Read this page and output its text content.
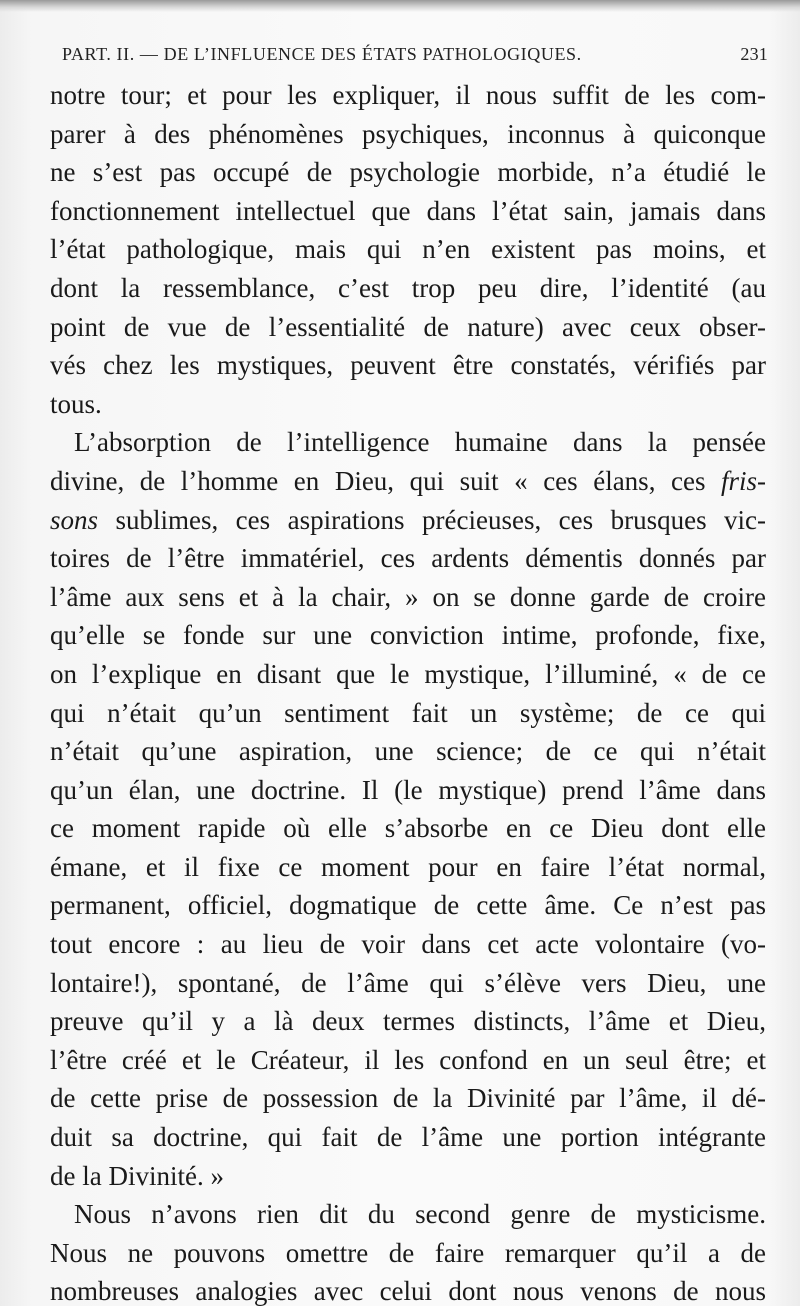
PART. II. — DE L’INFLUENCE DES ÉTATS PATHOLOGIQUES.	231
notre tour; et pour les expliquer, il nous suffit de les com-
parer à des phénomènes psychiques, inconnus à quiconque
ne s’est pas occupé de psychologie morbide, n’a étudié le
fonctionnement intellectuel que dans l’état sain, jamais dans
l’état pathologique, mais qui n’en existent pas moins, et
dont la ressemblance, c’est trop peu dire, l’identité (au
point de vue de l’essentialité de nature) avec ceux obser-
vés chez les mystiques, peuvent être constatés, vérifiés par
tous.
L’absorption de l’intelligence humaine dans la pensée
divine, de l’homme en Dieu, qui suit « ces élans, ces fris-
sons sublimes, ces aspirations précieuses, ces brusques vic-
toires de l’être immatériel, ces ardents démentis donnés par
l’âme aux sens et à la chair, » on se donne garde de croire
qu’elle se fonde sur une conviction intime, profonde, fixe,
on l’explique en disant que le mystique, l’illuminé, « de ce
qui n’était qu’un sentiment fait un système; de ce qui
n’était qu’une aspiration, une science; de ce qui n’était
qu’un élan, une doctrine. Il (le mystique) prend l’âme dans
ce moment rapide où elle s’absorbe en ce Dieu dont elle
émane, et il fixe ce moment pour en faire l’état normal,
permanent, officiel, dogmatique de cette âme. Ce n’est pas
tout encore : au lieu de voir dans cet acte volontaire (vo-
lontaire!), spontané, de l’âme qui s’élève vers Dieu, une
preuve qu’il y a là deux termes distincts, l’âme et Dieu,
l’être créé et le Créateur, il les confond en un seul être; et
de cette prise de possession de la Divinité par l’âme, il dé-
duit sa doctrine, qui fait de l’âme une portion intégrante
de la Divinité. »
Nous n’avons rien dit du second genre de mysticisme.
Nous ne pouvons omettre de faire remarquer qu’il a de
nombreuses analogies avec celui dont nous venons de nous
